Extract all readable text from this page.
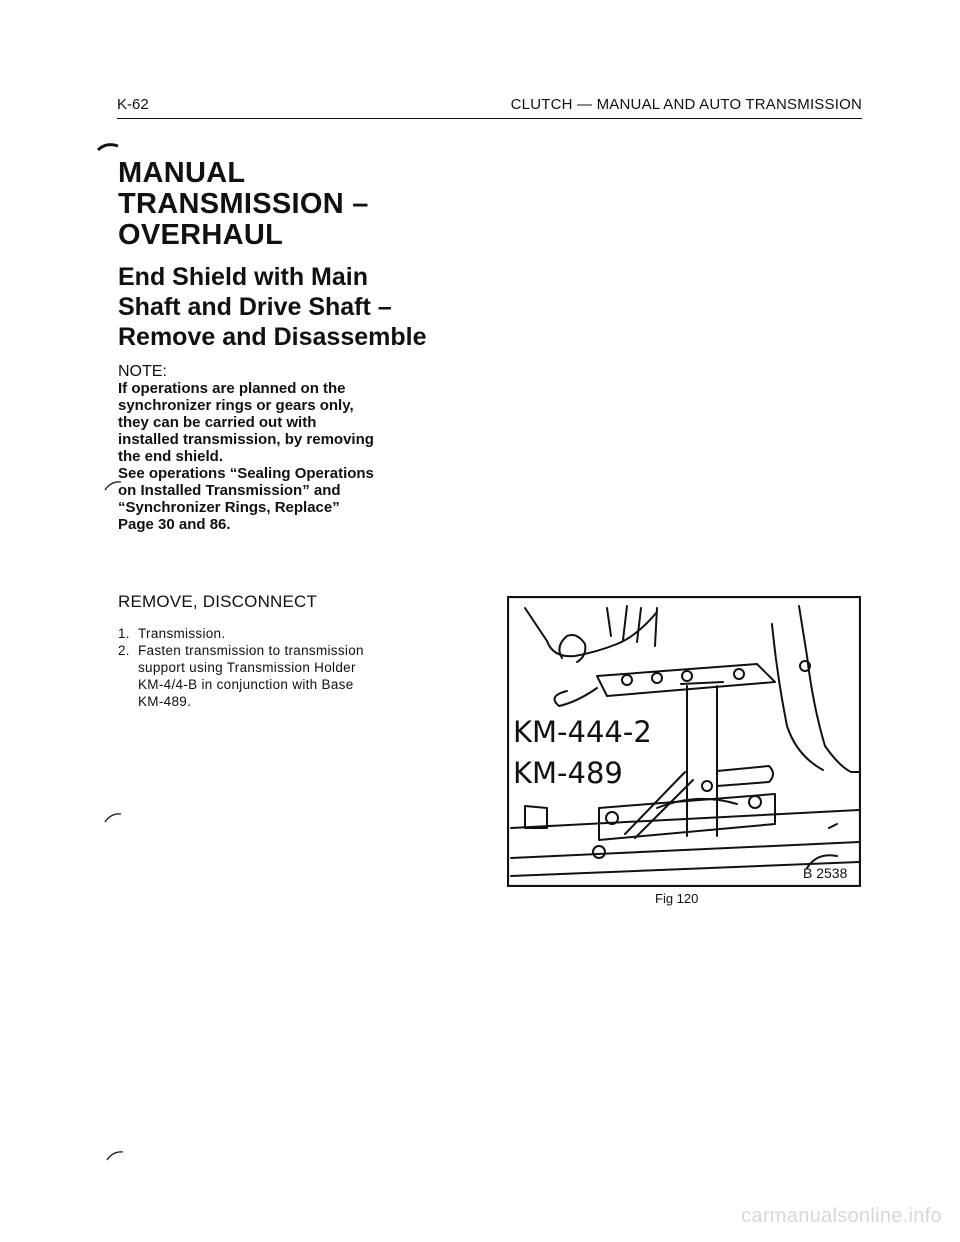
K-62	CLUTCH — MANUAL AND AUTO TRANSMISSION
MANUAL
TRANSMISSION –
OVERHAUL
End Shield with Main
Shaft and Drive Shaft –
Remove and Disassemble
NOTE:
If operations are planned on the
synchronizer rings or gears only,
they can be carried out with
installed transmission, by removing
the end shield.
See operations “Sealing Operations
on Installed Transmission” and
“Synchronizer Rings, Replace”
Page 30 and 86.
REMOVE, DISCONNECT
1. Transmission.
2. Fasten transmission to transmission
support using Transmission Holder
KM-4/4-B in conjunction with Base
KM-489.
KM-444-2
KM-489
B 2538
Fig 120
carmanualsonline.info
